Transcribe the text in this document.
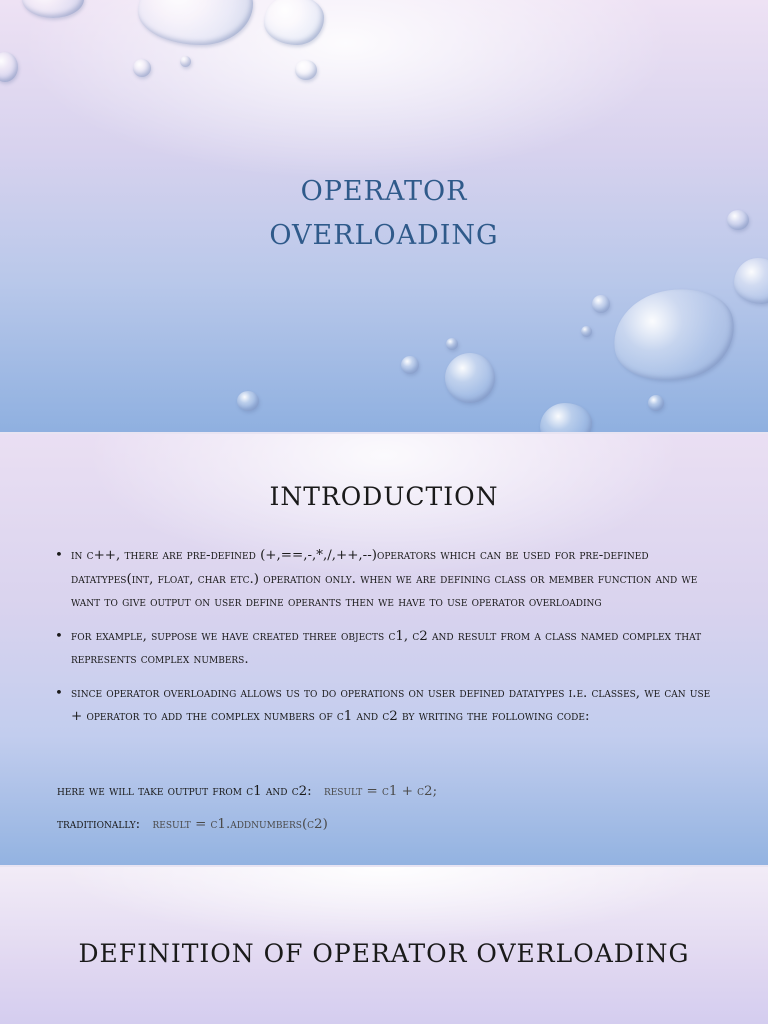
operator
overloading
INTRODUCTION
• in c++, there are pre-defined (+,==,-,*,/,++,--)operators which can be used for pre-defined datatypes(int, float, char etc.) operation only. when we are defining class or member function and we want to give output on user define operants then we have to use operator overloading
• for example, suppose we have created three objects c1, c2 and result from a class named complex that represents complex numbers.
• since operator overloading allows us to do operations on user defined datatypes i.e. classes, we can use + operator to add the complex numbers of c1 and c2 by writing the following code:
here we will take output from c1 and c2: result = c1 + c2;
traditionally: result = c1.addnumbers(c2)
DEFINITION OF OPERATOR OVERLOADING
